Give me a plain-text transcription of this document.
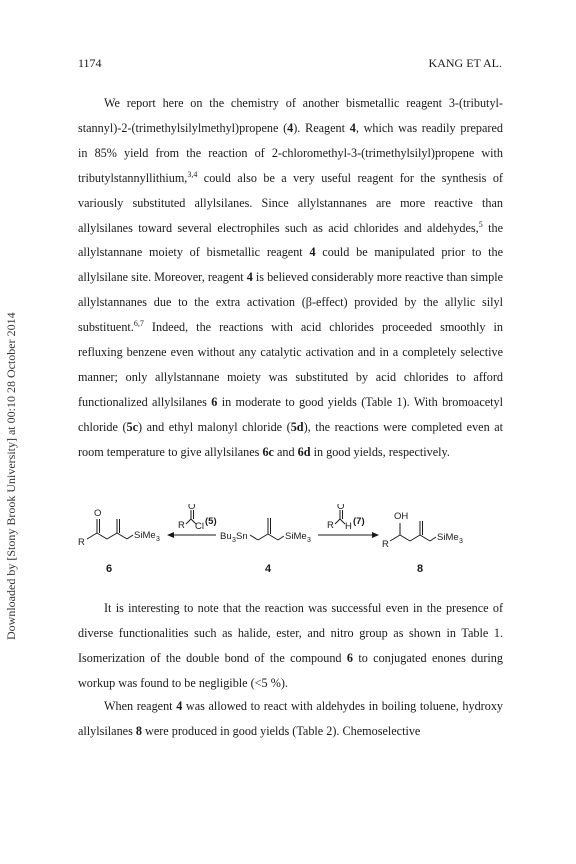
1174	KANG ET AL.
Downloaded by [Stony Brook University] at 00:10 28 October 2014

We report here on the chemistry of another bismetallic reagent 3-(tributyl-stannyl)-2-(trimethylsilylmethyl)propene (4). Reagent 4, which was readily prepared in 85% yield from the reaction of 2-chloromethyl-3-(trimethylsilyl)propene with tributylstannyllithium,$^{3,4}$ could also be a very useful reagent for the synthesis of variously substituted allylsilanes. Since allylstannanes are more reactive than allylsilanes toward several electrophiles such as acid chlorides and aldehydes,$^5$ the allylstannane moiety of bismetallic reagent 4 could be manipulated prior to the allylsilane site. Moreover, reagent 4 is believed considerably more reactive than simple allylstannanes due to the extra activation (β-effect) provided by the allylic silyl substituent.$^{6,7}$ Indeed, the reactions with acid chlorides proceeded smoothly in refluxing benzene even without any catalytic activation and in a completely selective manner; only allylstannane moiety was substituted by acid chlorides to afford functionalized allylsilanes 6 in moderate to good yields (Table 1). With bromoacetyl chloride (5c) and ethyl malonyl chloride (5d), the reactions were completed even at room temperature to give allylsilanes 6c and 6d in good yields, respectively.

R
O
SiMe 3
6
R
O
Cl (5)
Bu 3 Sn	SiMe 3
4
R
O
H (7)
R
OH
SiMe 3
8

It is interesting to note that the reaction was successful even in the presence of diverse functionalities such as halide, ester, and nitro group as shown in Table 1. Isomerization of the double bond of the compound 6 to conjugated enones during workup was found to be negligible (<5 %).

When reagent 4 was allowed to react with aldehydes in boiling toluene, hydroxy allylsilanes 8 were produced in good yields (Table 2). Chemoselective
